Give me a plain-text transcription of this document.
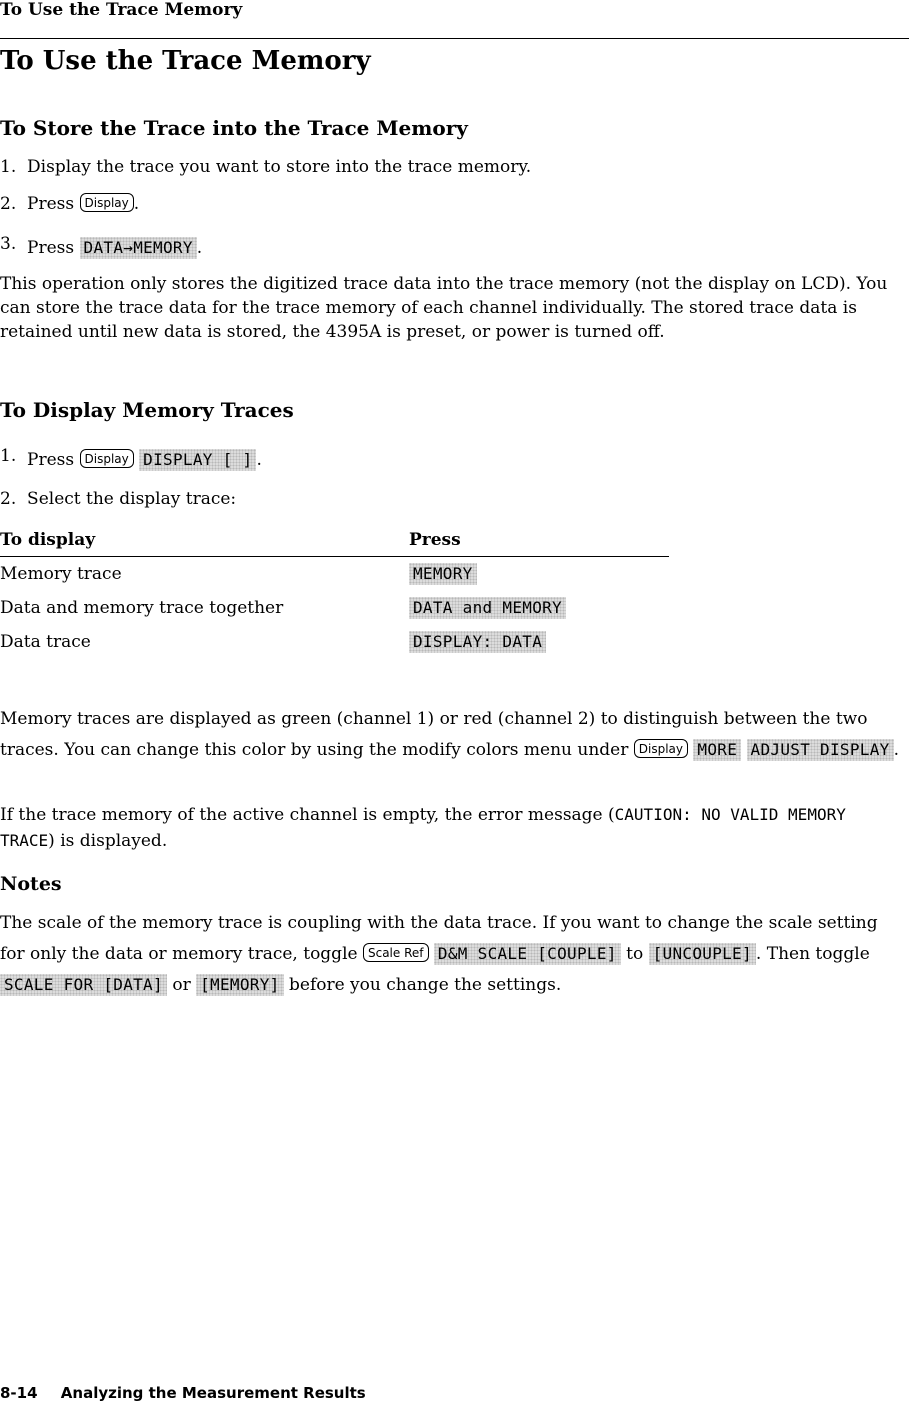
To Use the Trace Memory
To Use the Trace Memory
To Store the Trace into the Trace Memory
1. Display the trace you want to store into the trace memory.
2. Press Display .
3. Press DATA→MEMORY .
This operation only stores the digitized trace data into the trace memory (not the display on LCD). You can store the trace data for the trace memory of each channel individually. The stored trace data is retained until new data is stored, the 4395A is preset, or power is turned off.
To Display Memory Traces
1. Press Display DISPLAY [ ] .
2. Select the display trace:
To display	Press
Memory trace	MEMORY
Data and memory trace together	DATA and MEMORY
Data trace	DISPLAY: DATA
Memory traces are displayed as green (channel 1) or red (channel 2) to distinguish between the two traces. You can change this color by using the modify colors menu under Display MORE ADJUST DISPLAY .
If the trace memory of the active channel is empty, the error message (CAUTION: NO VALID MEMORY TRACE) is displayed.
Notes
The scale of the memory trace is coupling with the data trace. If you want to change the scale setting for only the data or memory trace, toggle Scale Ref D&M SCALE [COUPLE] to [UNCOUPLE] . Then toggle SCALE FOR [DATA] or [MEMORY] before you change the settings.
8-14 Analyzing the Measurement Results
